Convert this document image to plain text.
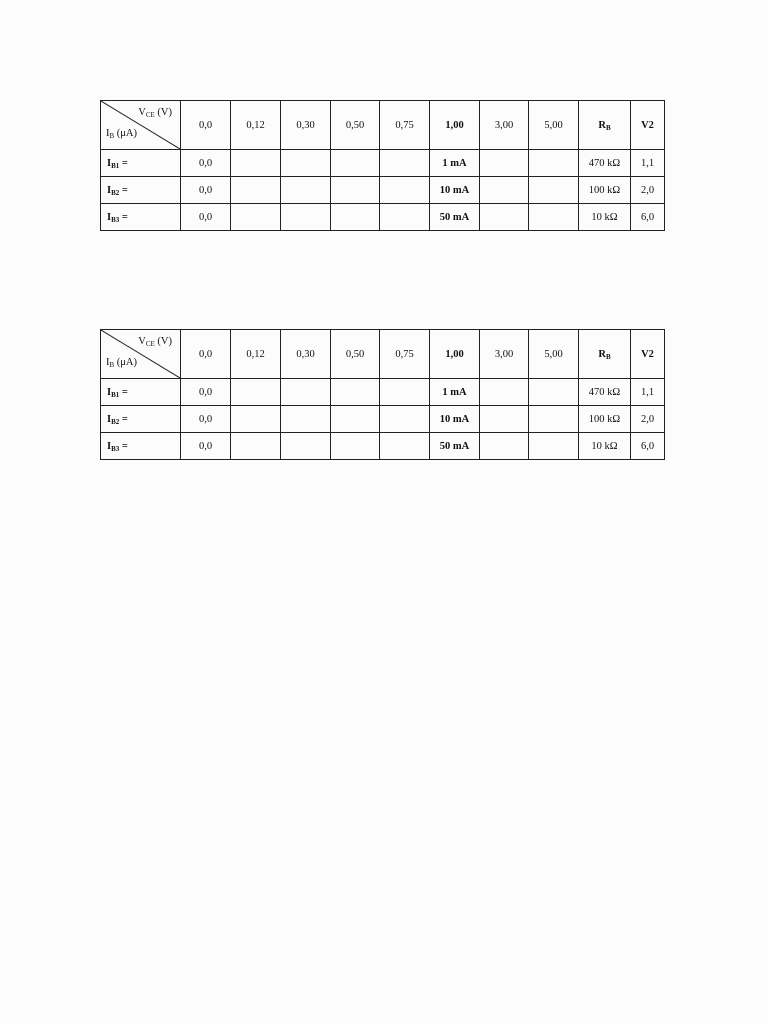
$V_{CE}$ (V)
$I_B$ (μA)	0,0	0,12	0,30	0,50	0,75	1,00	3,00	5,00	$R_B$	V2
$I_{B1}$ =	0,0					1 mA			470 kΩ	1,1
$I_{B2}$ =	0,0					10 mA			100 kΩ	2,0
$I_{B3}$ =	0,0					50 mA			10 kΩ	6,0
$V_{CE}$ (V)
$I_B$ (μA)	0,0	0,12	0,30	0,50	0,75	1,00	3,00	5,00	$R_B$	V2
$I_{B1}$ =	0,0					1 mA			470 kΩ	1,1
$I_{B2}$ =	0,0					10 mA			100 kΩ	2,0
$I_{B3}$ =	0,0					50 mA			10 kΩ	6,0
